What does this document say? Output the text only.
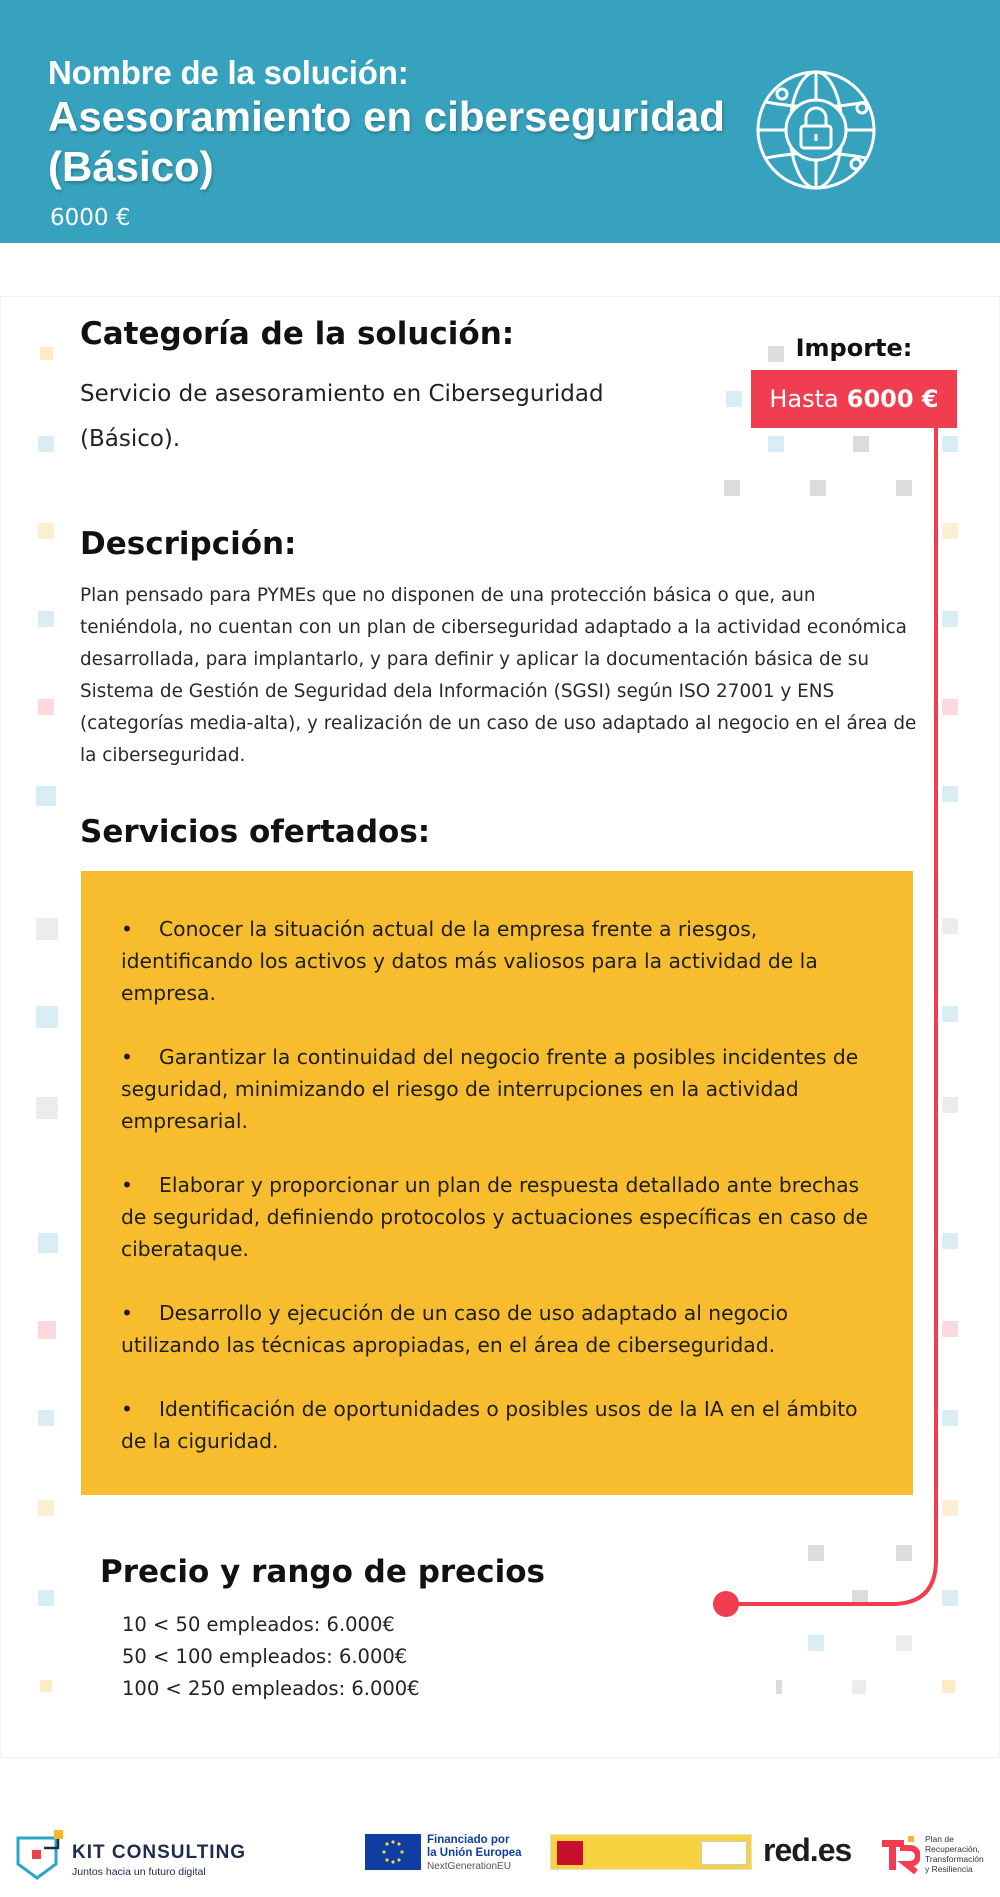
Nombre de la solución:
Asesoramiento en ciberseguridad (Básico)
6000 €
Categoría de la solución:

Servicio de asesoramiento en Ciberseguridad (Básico).

Importe:
Hasta 6000 €
Descripción:

Plan pensado para PYMEs que no disponen de una protección básica o que, aun teniéndola, no cuentan con un plan de ciberseguridad adaptado a la actividad económica desarrollada, para implantarlo, y para definir y aplicar la documentación básica de su Sistema de Gestión de Seguridad dela Información (SGSI) según ISO 27001 y ENS (categorías media-alta), y realización de un caso de uso adaptado al negocio en el área de la ciberseguridad.

Servicios ofertados:
• Conocer la situación actual de la empresa frente a riesgos, identificando los activos y datos más valiosos para la actividad de la empresa.
• Garantizar la continuidad del negocio frente a posibles incidentes de seguridad, minimizando el riesgo de interrupciones en la actividad empresarial.
• Elaborar y proporcionar un plan de respuesta detallado ante brechas de seguridad, definiendo protocolos y actuaciones específicas en caso de ciberataque.
• Desarrollo y ejecución de un caso de uso adaptado al negocio utilizando las técnicas apropiadas, en el área de ciberseguridad.
• Identificación de oportunidades o posibles usos de la IA en el ámbito de la ciguridad.
Precio y rango de precios
10 < 50 empleados: 6.000€
50 < 100 empleados: 6.000€
100 < 250 empleados: 6.000€
KIT CONSULTING
Juntos hacia un futuro digital
Financiado por
la Unión Europea
NextGenerationEU	red.es	Plan de
Recuperación,
Transformación
y Resiliencia
